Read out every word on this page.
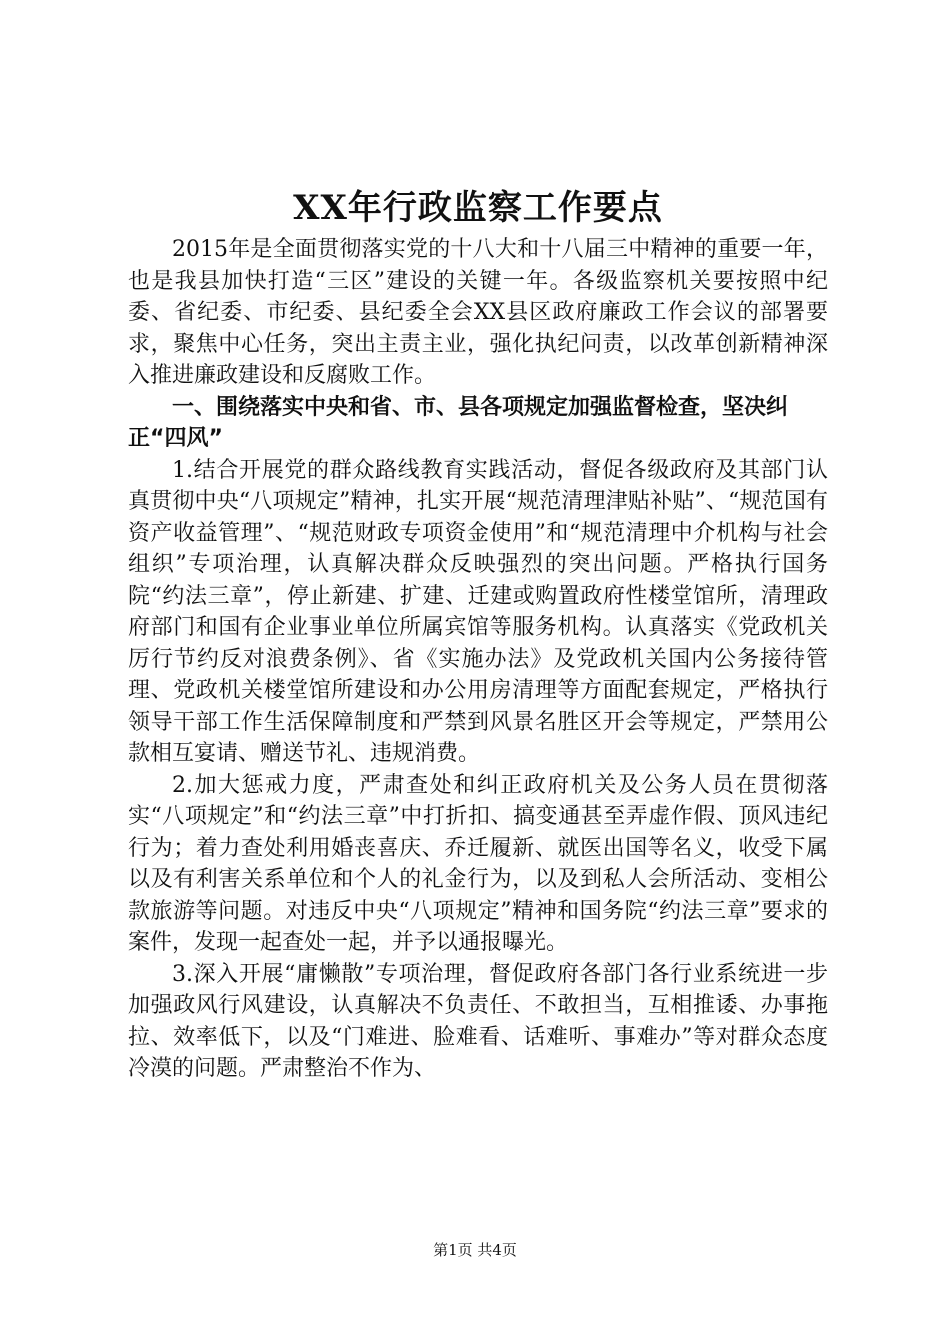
XX年行政监察工作要点

2015年是全面贯彻落实党的十八大和十八届三中精神的重要一年，也是我县加快打造“三区”建设的关键一年。各级监察机关要按照中纪委、省纪委、市纪委、县纪委全会XX县区政府廉政工作会议的部署要求，聚焦中心任务，突出主责主业，强化执纪问责，以改革创新精神深入推进廉政建设和反腐败工作。

一、围绕落实中央和省、市、县各项规定加强监督检查，坚决纠正“四风”

1.结合开展党的群众路线教育实践活动，督促各级政府及其部门认真贯彻中央“八项规定”精神，扎实开展“规范清理津贴补贴”、“规范国有资产收益管理”、“规范财政专项资金使用”和“规范清理中介机构与社会组织”专项治理，认真解决群众反映强烈的突出问题。严格执行国务院“约法三章”，停止新建、扩建、迁建或购置政府性楼堂馆所，清理政府部门和国有企业事业单位所属宾馆等服务机构。认真落实《党政机关厉行节约反对浪费条例》、省《实施办法》及党政机关国内公务接待管理、党政机关楼堂馆所建设和办公用房清理等方面配套规定，严格执行领导干部工作生活保障制度和严禁到风景名胜区开会等规定，严禁用公款相互宴请、赠送节礼、违规消费。

2.加大惩戒力度，严肃查处和纠正政府机关及公务人员在贯彻落实“八项规定”和“约法三章”中打折扣、搞变通甚至弄虚作假、顶风违纪行为；着力查处利用婚丧喜庆、乔迁履新、就医出国等名义，收受下属以及有利害关系单位和个人的礼金行为，以及到私人会所活动、变相公款旅游等问题。对违反中央“八项规定”精神和国务院“约法三章”要求的案件，发现一起查处一起，并予以通报曝光。

3.深入开展“庸懒散”专项治理，督促政府各部门各行业系统进一步加强政风行风建设，认真解决不负责任、不敢担当，互相推诿、办事拖拉、效率低下，以及“门难进、脸难看、话难听、事难办”等对群众态度冷漠的问题。严肃整治不作为、

第1页 共4页
